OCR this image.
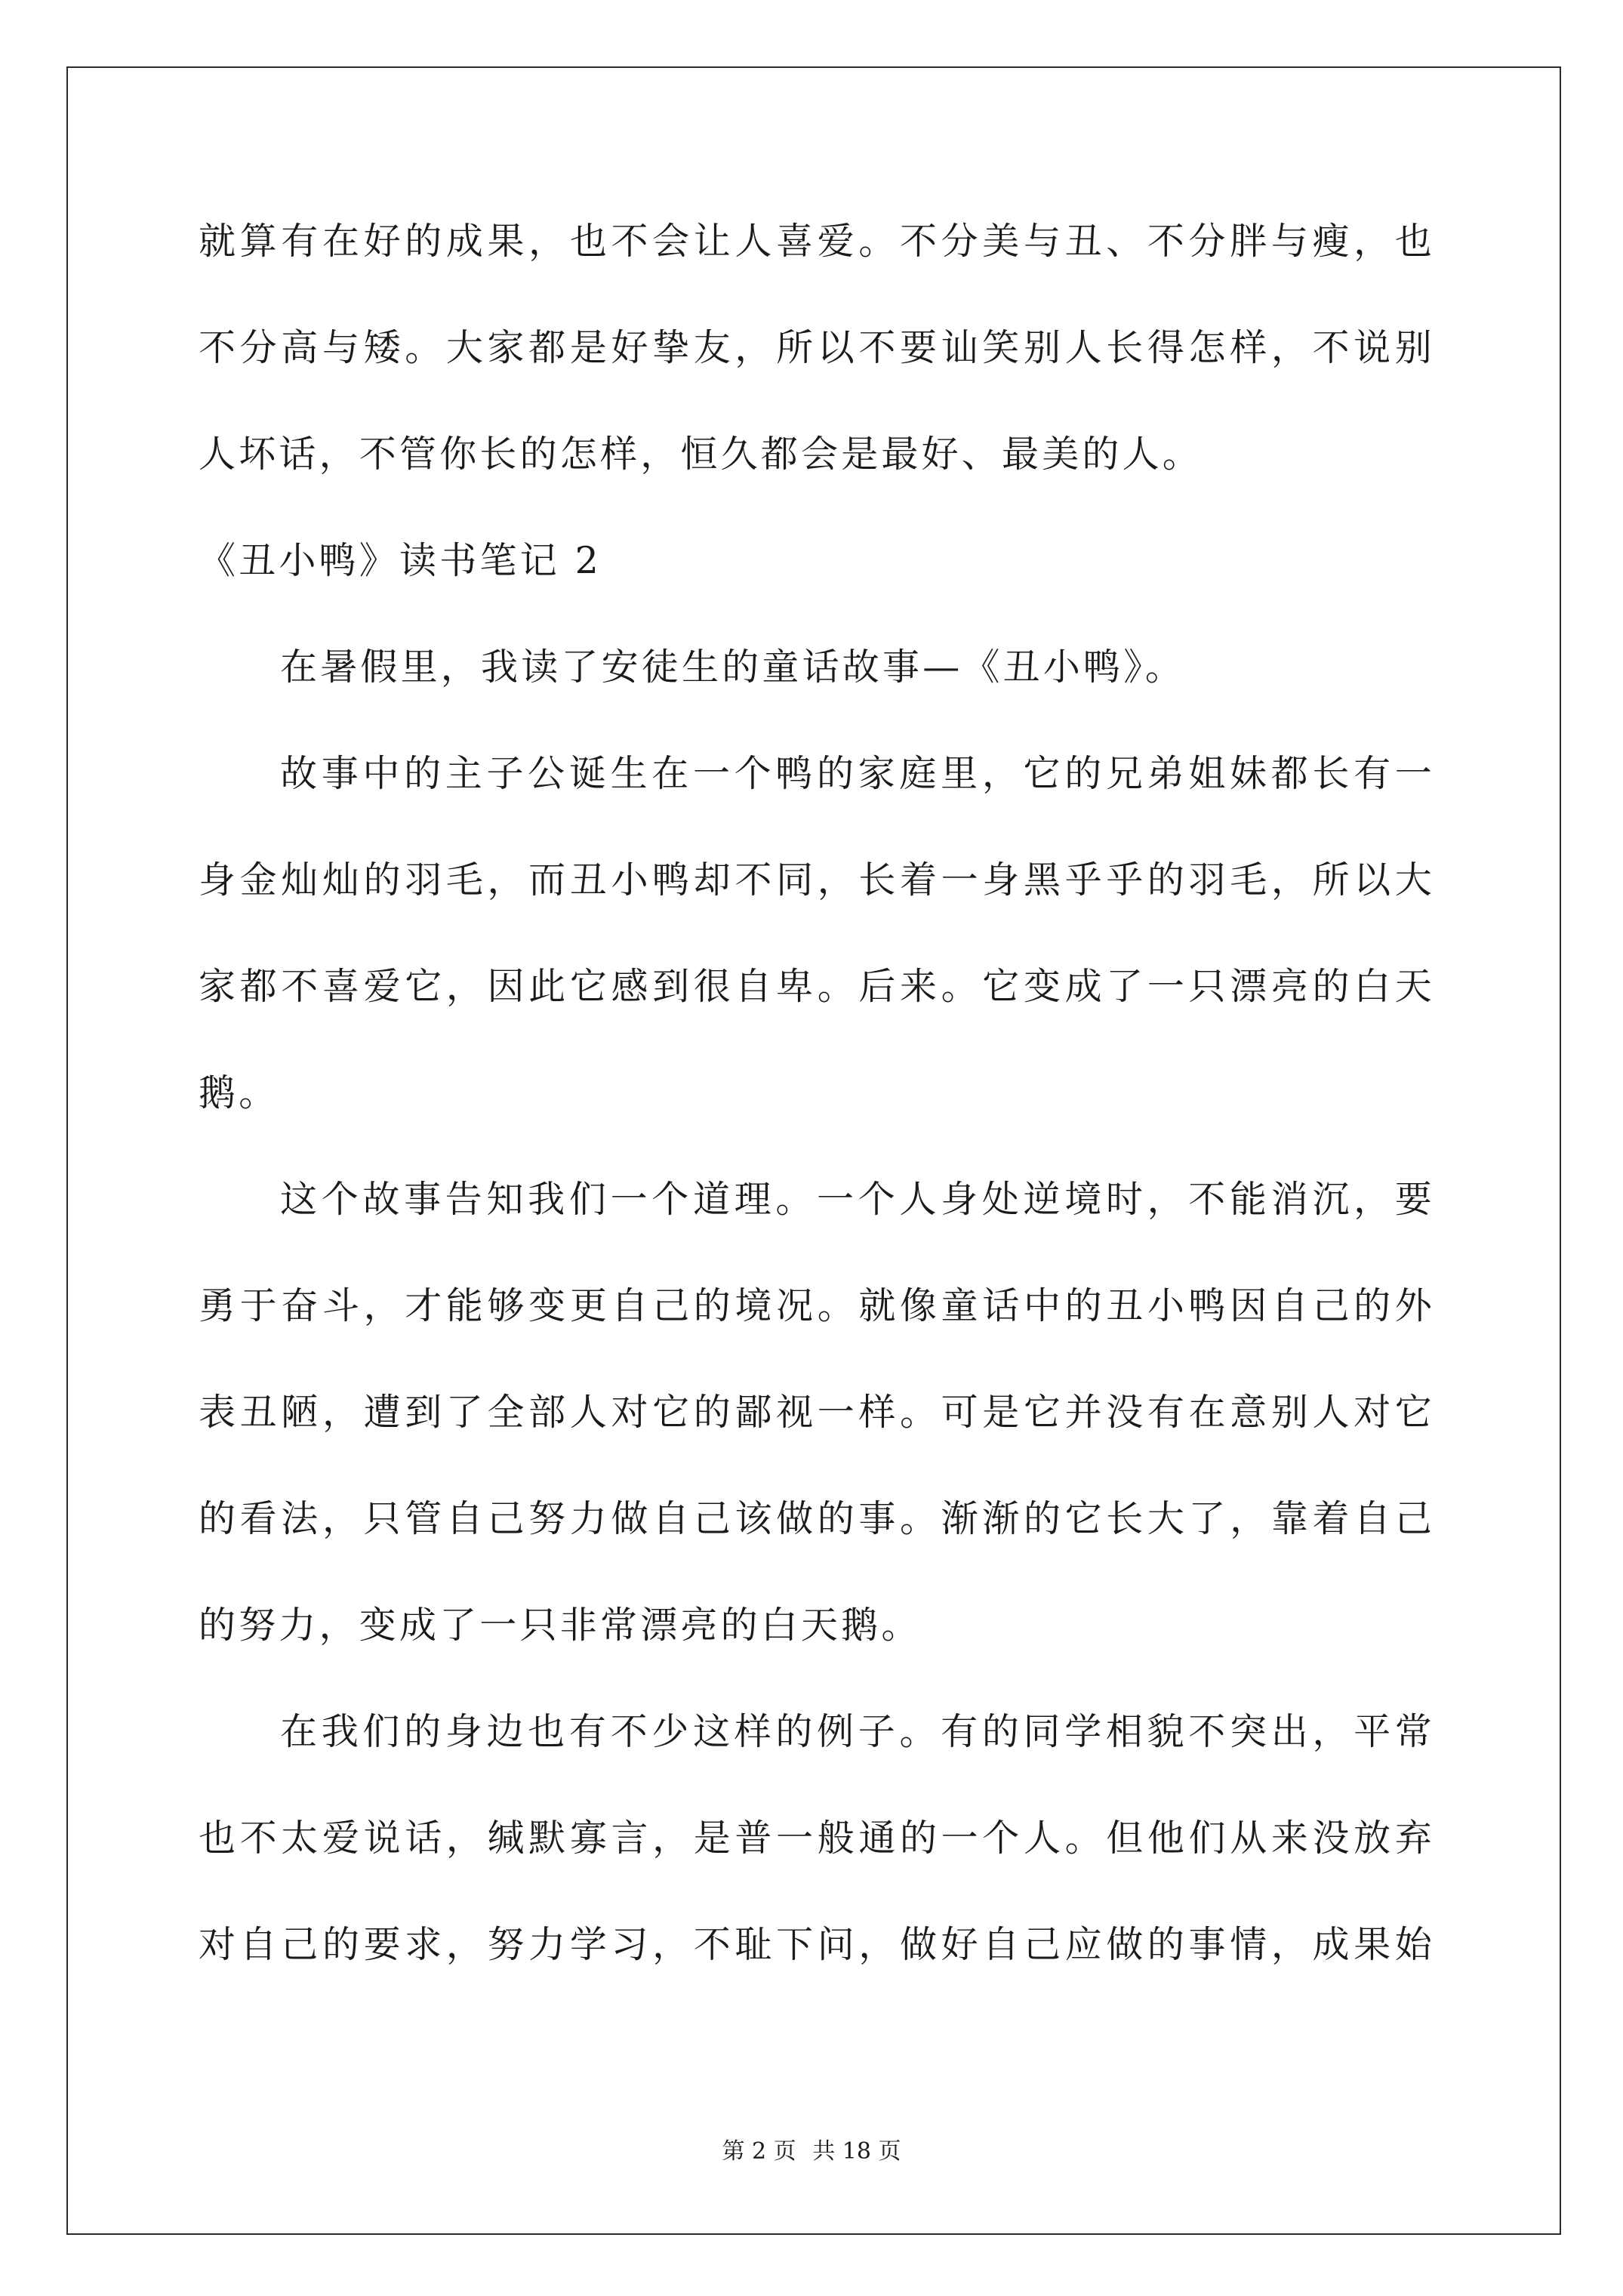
就算有在好的成果，也不会让人喜爱。不分美与丑、不分胖与瘦，也
不分高与矮。大家都是好挚友，所以不要讪笑别人长得怎样，不说别
人坏话，不管你长的怎样，恒久都会是最好、最美的人。
《丑小鸭》读书笔记 2
在暑假里，我读了安徒生的童话故事—《丑小鸭》。
故事中的主子公诞生在一个鸭的家庭里，它的兄弟姐妹都长有一
身金灿灿的羽毛，而丑小鸭却不同，长着一身黑乎乎的羽毛，所以大
家都不喜爱它，因此它感到很自卑。后来。它变成了一只漂亮的白天
鹅。
这个故事告知我们一个道理。一个人身处逆境时，不能消沉，要
勇于奋斗，才能够变更自己的境况。就像童话中的丑小鸭因自己的外
表丑陋，遭到了全部人对它的鄙视一样。可是它并没有在意别人对它
的看法，只管自己努力做自己该做的事。渐渐的它长大了，靠着自己
的努力，变成了一只非常漂亮的白天鹅。
在我们的身边也有不少这样的例子。有的同学相貌不突出，平常
也不太爱说话，缄默寡言，是普一般通的一个人。但他们从来没放弃
对自己的要求，努力学习，不耻下问，做好自己应做的事情，成果始
第 2 页 共 18 页
